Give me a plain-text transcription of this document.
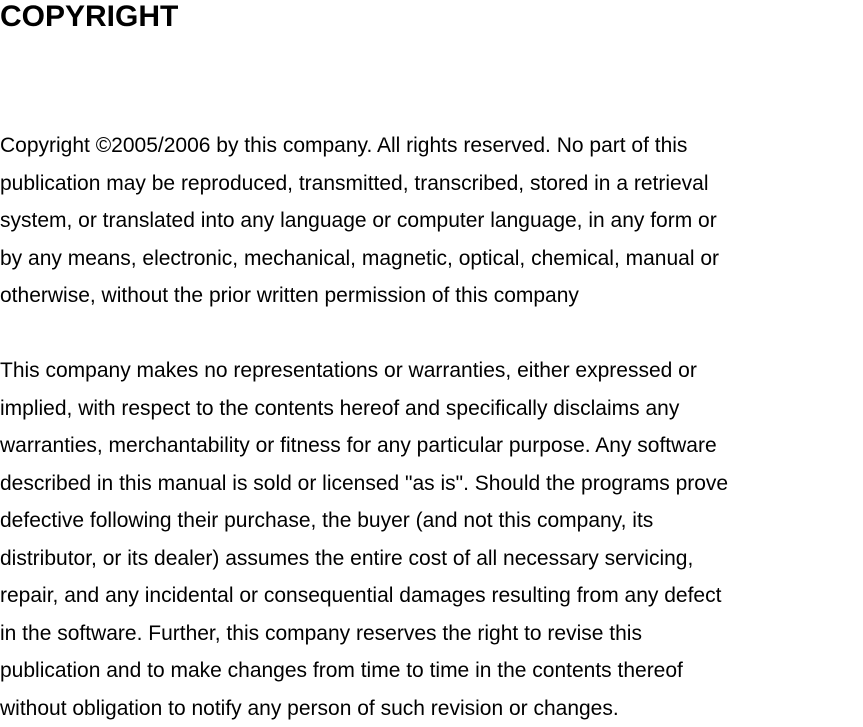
COPYRIGHT

Copyright ©2005/2006 by this company. All rights reserved. No part of this
publication may be reproduced, transmitted, transcribed, stored in a retrieval
system, or translated into any language or computer language, in any form or
by any means, electronic, mechanical, magnetic, optical, chemical, manual or
otherwise, without the prior written permission of this company

This company makes no representations or warranties, either expressed or
implied, with respect to the contents hereof and specifically disclaims any
warranties, merchantability or fitness for any particular purpose. Any software
described in this manual is sold or licensed "as is". Should the programs prove
defective following their purchase, the buyer (and not this company, its
distributor, or its dealer) assumes the entire cost of all necessary servicing,
repair, and any incidental or consequential damages resulting from any defect
in the software. Further, this company reserves the right to revise this
publication and to make changes from time to time in the contents thereof
without obligation to notify any person of such revision or changes.
